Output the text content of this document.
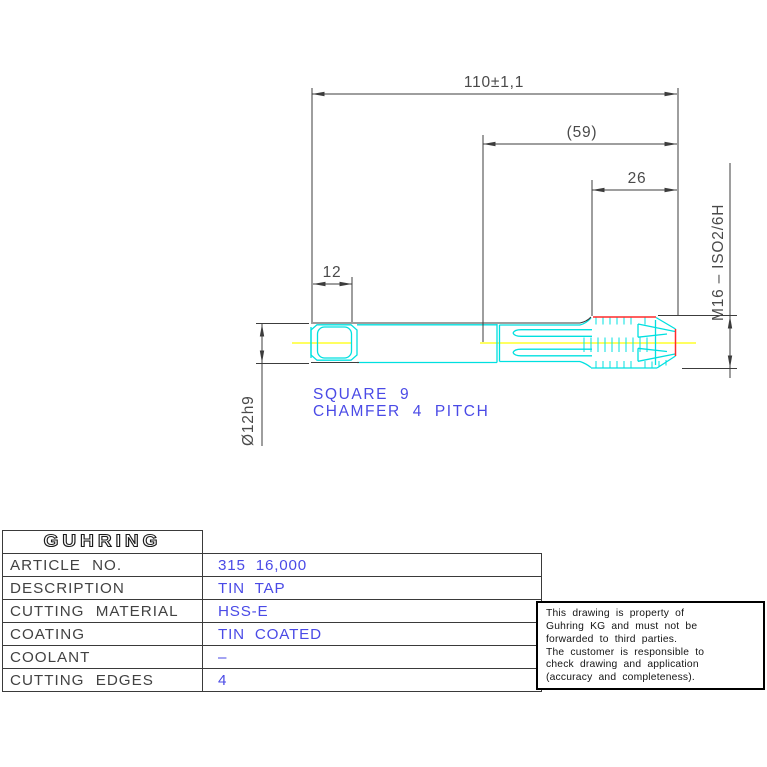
110±1,1
(59)
26
12
Ø12h9
M16 – ISO2/6H
SQUARE 9
CHAMFER 4 PITCH
GUHRING	
ARTICLE NO.	315 16,000
DESCRIPTION	TIN TAP
CUTTING MATERIAL	HSS-E
COATING	TIN COATED
COOLANT	–
CUTTING EDGES	4
This drawing is property of
Guhring KG and must not be
forwarded to third parties.
The customer is responsible to
check drawing and application
(accuracy and completeness).
